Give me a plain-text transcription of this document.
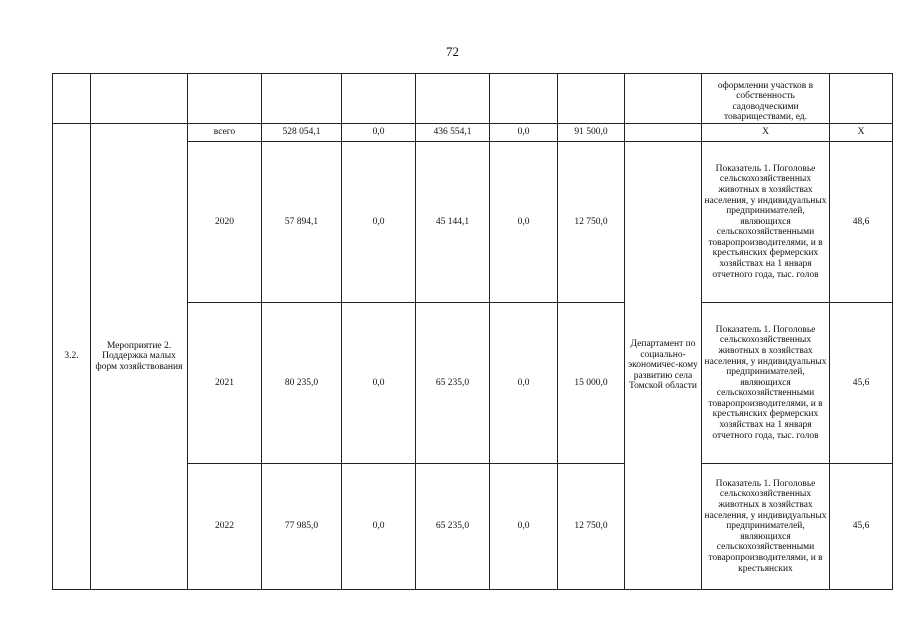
72
									оформлении участков в собственность садоводческими товариществами, ед.	
3.2.	Мероприятие 2. Поддержка малых форм хозяйствования	всего	528 054,1	0,0	436 554,1	0,0	91 500,0		Х	Х
		2020	57 894,1	0,0	45 144,1	0,0	12 750,0	Департамент по социально-экономичес-кому развитию села Томской области	Показатель 1. Поголовье сельскохозяйственных животных в хозяйствах населения, у индивидуальных предпринимателей, являющихся сельскохозяйственными товаропроизводителями, и в крестьянских фермерских хозяйствах на 1 января отчетного года, тыс. голов	48,6
		2021	80 235,0	0,0	65 235,0	0,0	15 000,0		Показатель 1. Поголовье сельскохозяйственных животных в хозяйствах населения, у индивидуальных предпринимателей, являющихся сельскохозяйственными товаропроизводителями, и в крестьянских фермерских хозяйствах на 1 января отчетного года, тыс. голов	45,6
		2022	77 985,0	0,0	65 235,0	0,0	12 750,0		Показатель 1. Поголовье сельскохозяйственных животных в хозяйствах населения, у индивидуальных предпринимателей, являющихся сельскохозяйственными товаропроизводителями, и в крестьянских	45,6
